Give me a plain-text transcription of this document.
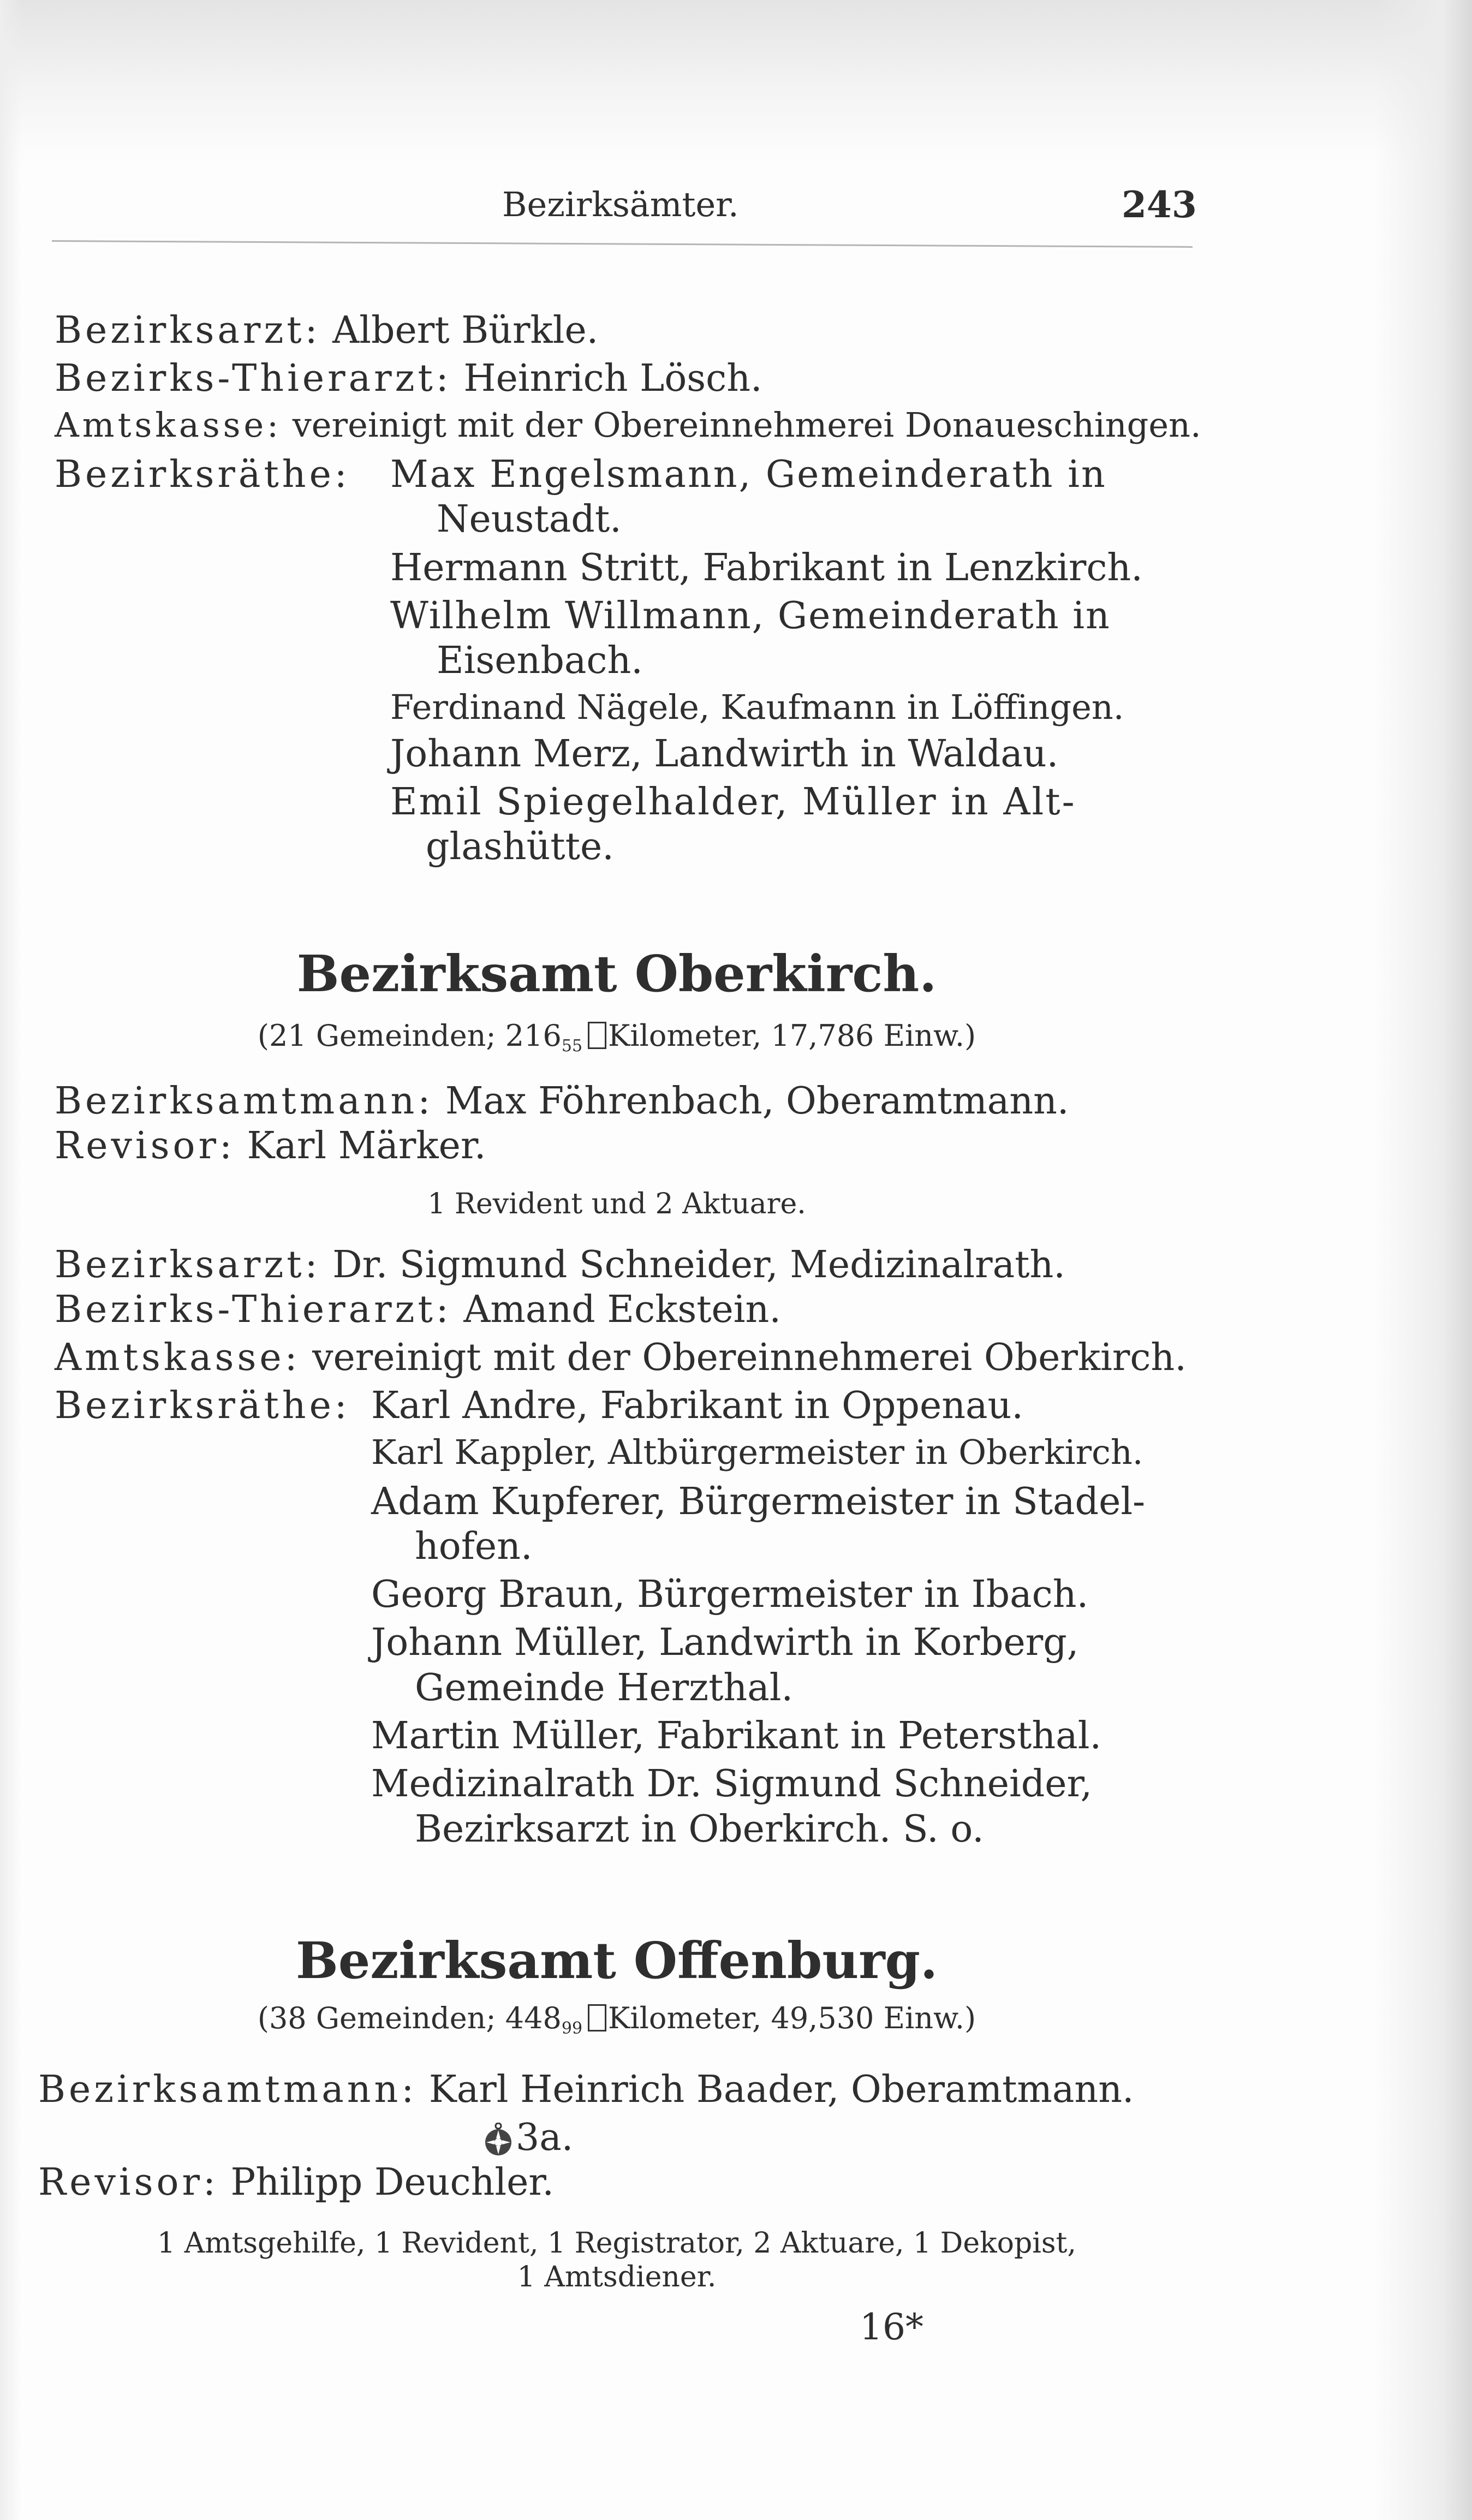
Bezirksämter.	243
Bezirksarzt: Albert Bürkle.
Bezirks-Thierarzt: Heinrich Lösch.
Amtskasse: vereinigt mit der Obereinnehmerei Donaueschingen.
Bezirksräthe: Max Engelsmann, Gemeinderath in
Neustadt.
Hermann Stritt, Fabrikant in Lenzkirch.
Wilhelm Willmann, Gemeinderath in
Eisenbach.
Ferdinand Nägele, Kaufmann in Löffingen.
Johann Merz, Landwirth in Waldau.
Emil Spiegelhalder, Müller in Alt-
glashütte.
Bezirksamt Oberkirch.
(21 Gemeinden; $216_{55}$ Kilometer, 17,786 Einw.)
Bezirksamtmann: Max Föhrenbach, Oberamtmann.
Revisor: Karl Märker.
1 Revident und 2 Aktuare.
Bezirksarzt: Dr. Sigmund Schneider, Medizinalrath.
Bezirks-Thierarzt: Amand Eckstein.
Amtskasse: vereinigt mit der Obereinnehmerei Oberkirch.
Bezirksräthe: Karl Andre, Fabrikant in Oppenau.
Karl Kappler, Altbürgermeister in Oberkirch.
Adam Kupferer, Bürgermeister in Stadel-
hofen.
Georg Braun, Bürgermeister in Ibach.
Johann Müller, Landwirth in Korberg,
Gemeinde Herzthal.
Martin Müller, Fabrikant in Petersthal.
Medizinalrath Dr. Sigmund Schneider,
Bezirksarzt in Oberkirch. S. o.
Bezirksamt Offenburg.
(38 Gemeinden; $448_{99}$ Kilometer, 49,530 Einw.)
Bezirksamtmann: Karl Heinrich Baader, Oberamtmann.
3a.
Revisor: Philipp Deuchler.
1 Amtsgehilfe, 1 Revident, 1 Registrator, 2 Aktuare, 1 Dekopist,
1 Amtsdiener.
16*
